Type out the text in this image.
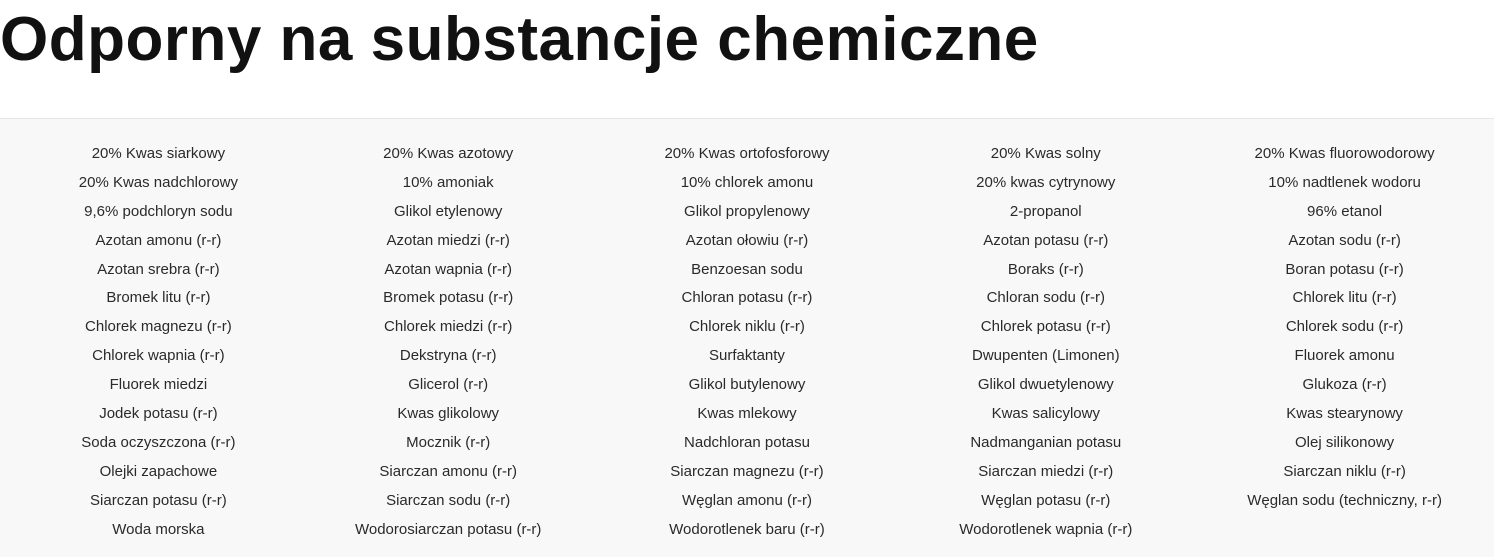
Odporny na substancje chemiczne
20% Kwas siarkowy
20% Kwas nadchlorowy
9,6% podchloryn sodu
Azotan amonu (r-r)
Azotan srebra (r-r)
Bromek litu (r-r)
Chlorek magnezu (r-r)
Chlorek wapnia (r-r)
Fluorek miedzi
Jodek potasu (r-r)
Soda oczyszczona (r-r)
Olejki zapachowe
Siarczan potasu (r-r)
Woda morska
20% Kwas azotowy
10% amoniak
Glikol etylenowy
Azotan miedzi (r-r)
Azotan wapnia (r-r)
Bromek potasu (r-r)
Chlorek miedzi (r-r)
Dekstryna (r-r)
Glicerol (r-r)
Kwas glikolowy
Mocznik (r-r)
Siarczan amonu (r-r)
Siarczan sodu (r-r)
Wodorosiarczan potasu (r-r)
20% Kwas ortofosforowy
10% chlorek amonu
Glikol propylenowy
Azotan ołowiu (r-r)
Benzoesan sodu
Chloran potasu (r-r)
Chlorek niklu (r-r)
Surfaktanty
Glikol butylenowy
Kwas mlekowy
Nadchloran potasu
Siarczan magnezu (r-r)
Węglan amonu (r-r)
Wodorotlenek baru (r-r)
20% Kwas solny
20% kwas cytrynowy
2-propanol
Azotan potasu (r-r)
Boraks (r-r)
Chloran sodu (r-r)
Chlorek potasu (r-r)
Dwupenten (Limonen)
Glikol dwuetylenowy
Kwas salicylowy
Nadmanganian potasu
Siarczan miedzi (r-r)
Węglan potasu (r-r)
Wodorotlenek wapnia (r-r)
20% Kwas fluorowodorowy
10% nadtlenek wodoru
96% etanol
Azotan sodu (r-r)
Boran potasu (r-r)
Chlorek litu (r-r)
Chlorek sodu (r-r)
Fluorek amonu
Glukoza (r-r)
Kwas stearynowy
Olej silikonowy
Siarczan niklu (r-r)
Węglan sodu (techniczny, r-r)
